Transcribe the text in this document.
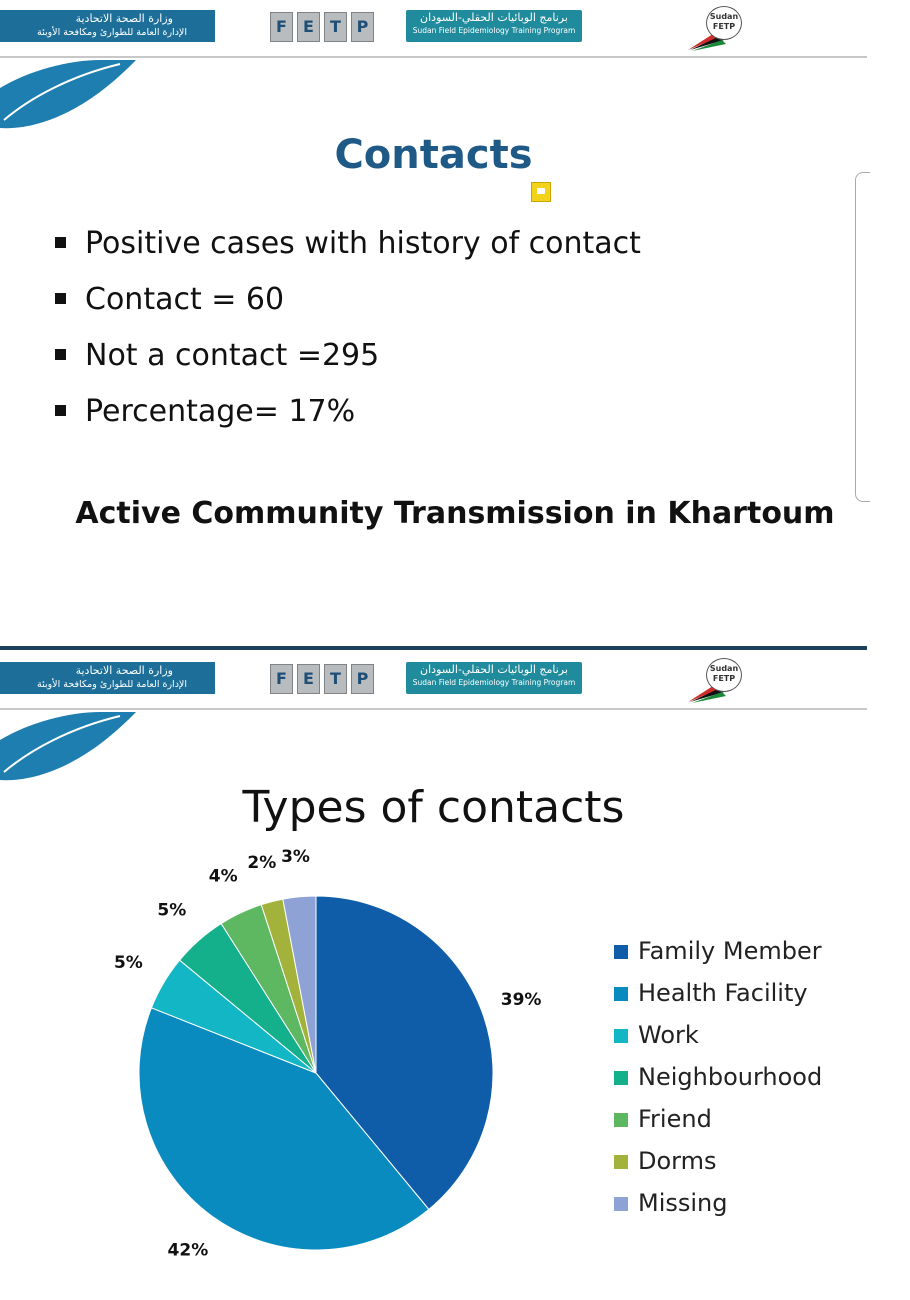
وزارة الصحة الاتحادية
الإدارة العامة للطوارئ ومكافحة الأوبئة	F E T P	برنامج الوبائيات الحقلي-السودان
Sudan Field Epidemiology Training Program
Sudan
FETP
Contacts
Positive cases with history of contact
Contact = 60
Not a contact =295
Percentage= 17%
Active Community Transmission in Khartoum
وزارة الصحة الاتحادية
الإدارة العامة للطوارئ ومكافحة الأوبئة	F E T P	برنامج الوبائيات الحقلي-السودان
Sudan Field Epidemiology Training Program
Sudan
FETP
Types of contacts
39%
42%
5%
5%
4%
2% 3%
Family Member
Health Facility
Work
Neighbourhood
Friend
Dorms
Missing
